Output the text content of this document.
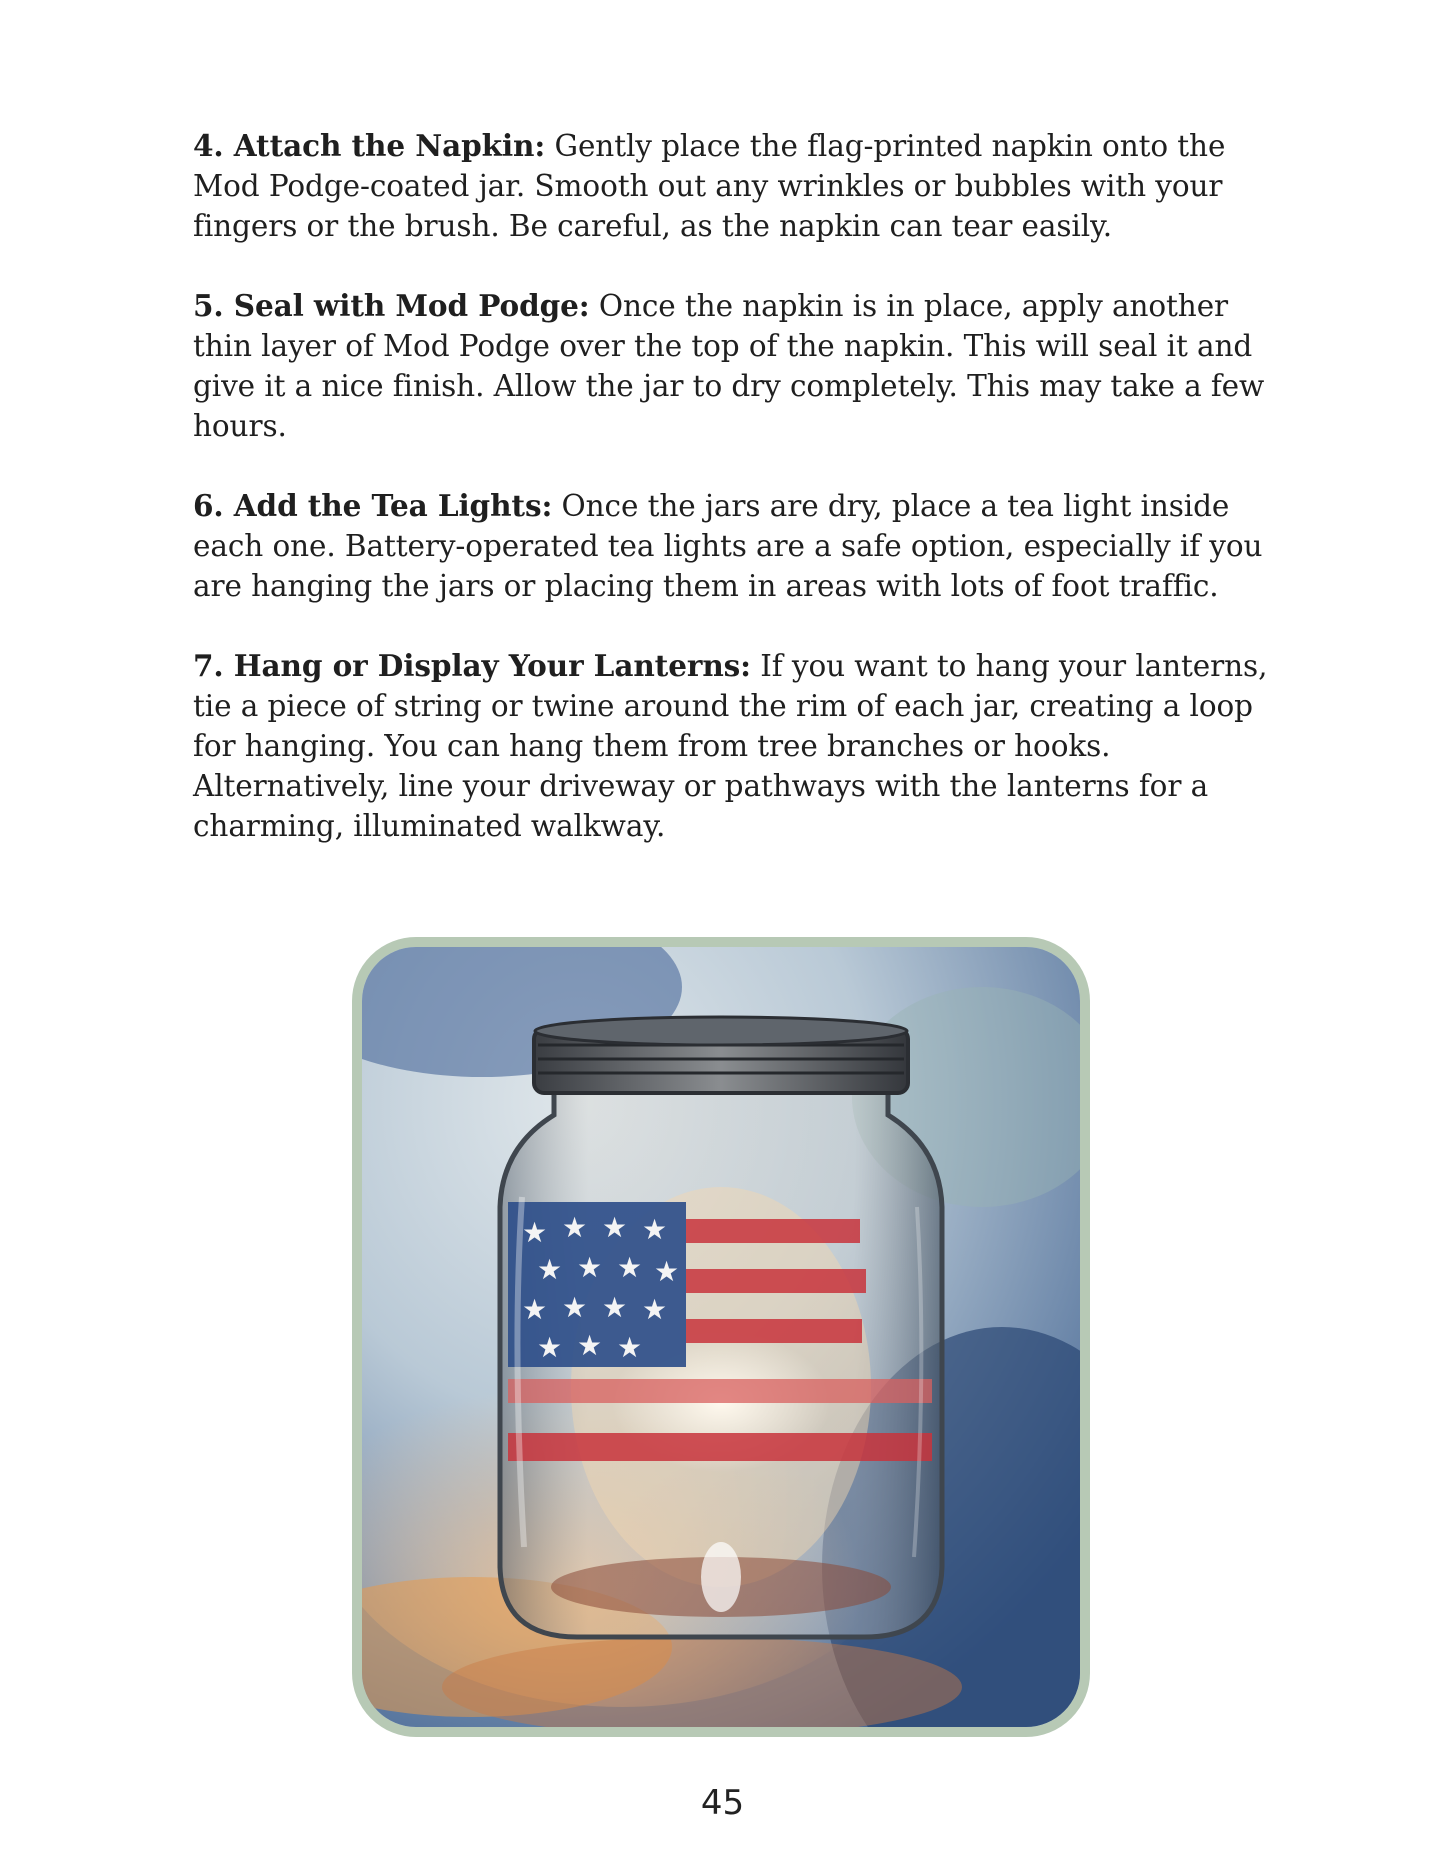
4. Attach the Napkin: Gently place the flag-printed napkin onto the Mod Podge-coated jar. Smooth out any wrinkles or bubbles with your fingers or the brush. Be careful, as the napkin can tear easily.

5. Seal with Mod Podge: Once the napkin is in place, apply another thin layer of Mod Podge over the top of the napkin. This will seal it and give it a nice finish. Allow the jar to dry completely. This may take a few hours.

6. Add the Tea Lights: Once the jars are dry, place a tea light inside each one. Battery-operated tea lights are a safe option, especially if you are hanging the jars or placing them in areas with lots of foot traffic.

7. Hang or Display Your Lanterns: If you want to hang your lanterns, tie a piece of string or twine around the rim of each jar, creating a loop for hanging. You can hang them from tree branches or hooks. Alternatively, line your driveway or pathways with the lanterns for a charming, illuminated walkway.

★ ★ ★ ★
★ ★ ★ ★
★ ★ ★ ★
★ ★ ★
45
